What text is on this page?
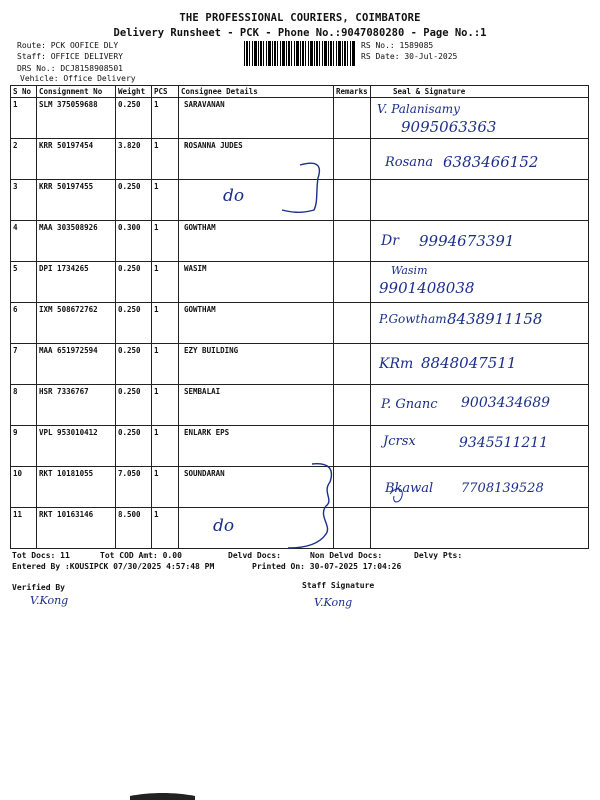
THE PROFESSIONAL COURIERS, COIMBATORE
Delivery Runsheet - PCK - Phone No.:9047080280 - Page No.:1
Route: PCK OOFICE DLY
Staff: OFFICE DELIVERY
DRS No.: DCJ8158908501
Vehicle: Office Delivery
RS No.: 1589085
RS Date: 30-Jul-2025
S No	Consignment No	Weight	PCS	Consignee Details	Remarks	Seal & Signature
1	SLM 375059688	0.250	1	SARAVANAN		V. Palanisamy
9095063363

2	KRR 50197454	3.820	1	ROSANNA JUDES		Rosana 6383466152

3	KRR 50197455	0.250	1	do		

4	MAA 303508926	0.300	1	GOWTHAM		Dr 9994673391

5	DPI 1734265	0.250	1	WASIM		Wasim
9901408038

6	IXM 508672762	0.250	1	GOWTHAM		P.Gowtham 8438911158

7	MAA 651972594	0.250	1	EZY BUILDING		KRm 8848047511

8	HSR 7336767	0.250	1	SEMBALAI		P. Gnanc 9003434689

9	VPL 953010412	0.250	1	ENLARK EPS		Jcrsx 9345511211

10	RKT 10181055	7.050	1	SOUNDARAN		Bkawal 7708139528

11	RKT 10163146	8.500	1	do		

Tot Docs: 11	Tot COD Amt: 0.00	Delvd Docs:	Non Delvd Docs:	Delvy Pts:
Entered By :KOUSIPCK 07/30/2025 4:57:48 PM	Printed On: 30-07-2025 17:04:26
Verified By	Staff Signature
V.Kong	V.Kong
